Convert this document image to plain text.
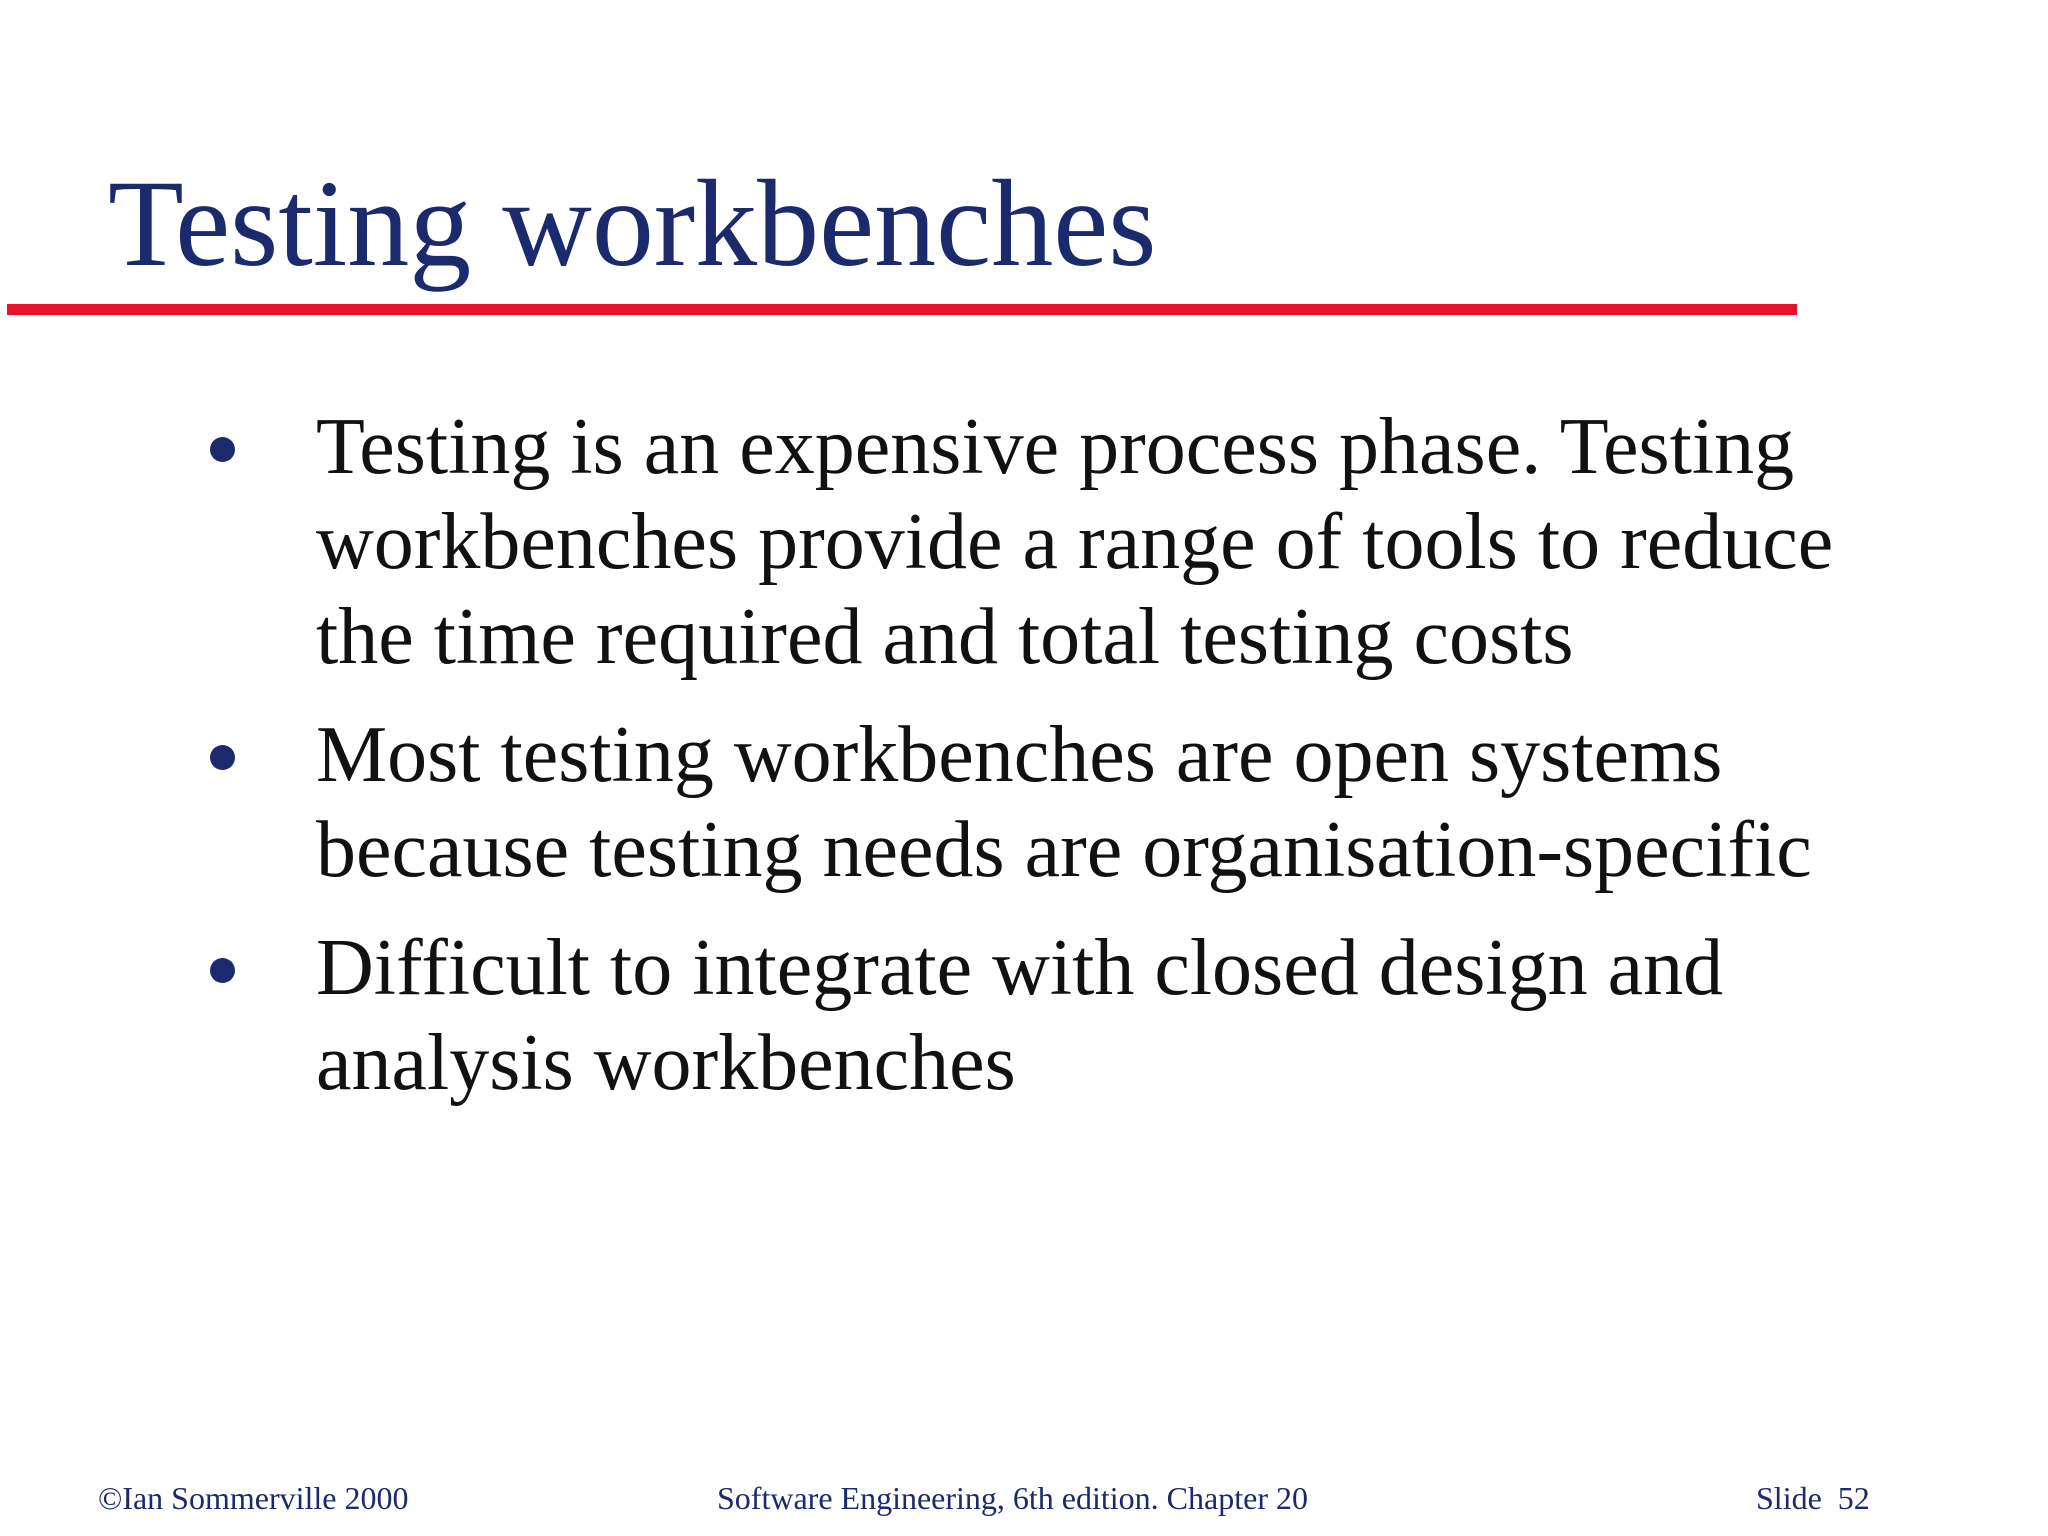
Testing workbenches
Testing is an expensive process phase. Testing workbenches provide a range of tools to reduce the time required and total testing costs
Most testing workbenches are open systems because testing needs are organisation-specific
Difficult to integrate with closed design and analysis workbenches
©Ian Sommerville 2000	Software Engineering, 6th edition. Chapter 20	Slide  52
